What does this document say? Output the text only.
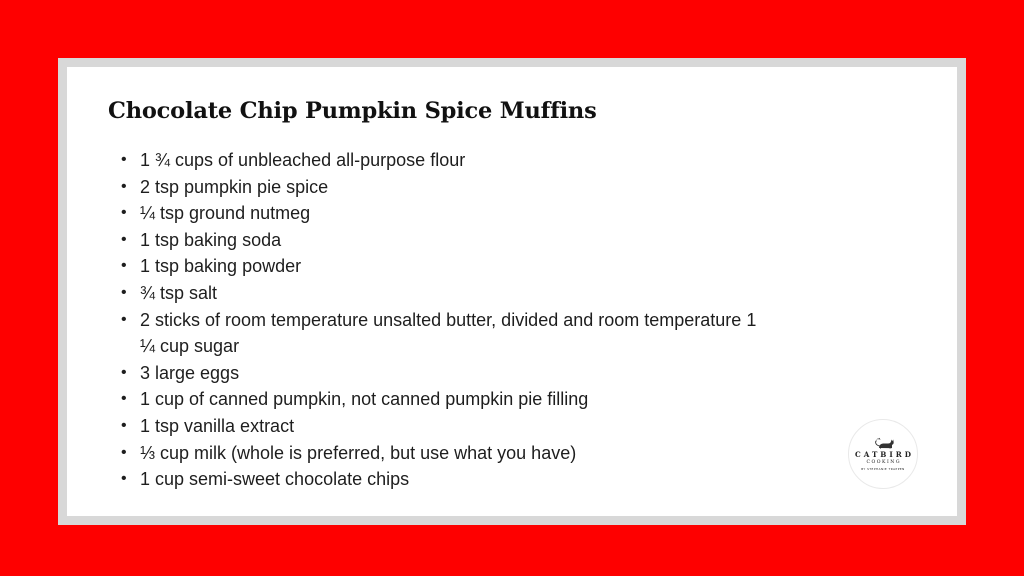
Chocolate Chip Pumpkin Spice Muffins
• 1 ¾ cups of unbleached all-purpose flour
• 2 tsp pumpkin pie spice
• ¼ tsp ground nutmeg
• 1 tsp baking soda
• 1 tsp baking powder
• ¾ tsp salt
• 2 sticks of room temperature unsalted butter, divided and room temperature 1 ¼ cup sugar
• 3 large eggs
• 1 cup of canned pumpkin, not canned pumpkin pie filling
• 1 tsp vanilla extract
• ⅓ cup milk (whole is preferred, but use what you have)
• 1 cup semi-sweet chocolate chips
CATBIRD
COOKING
BY STEPHANIE TRAPPEN
